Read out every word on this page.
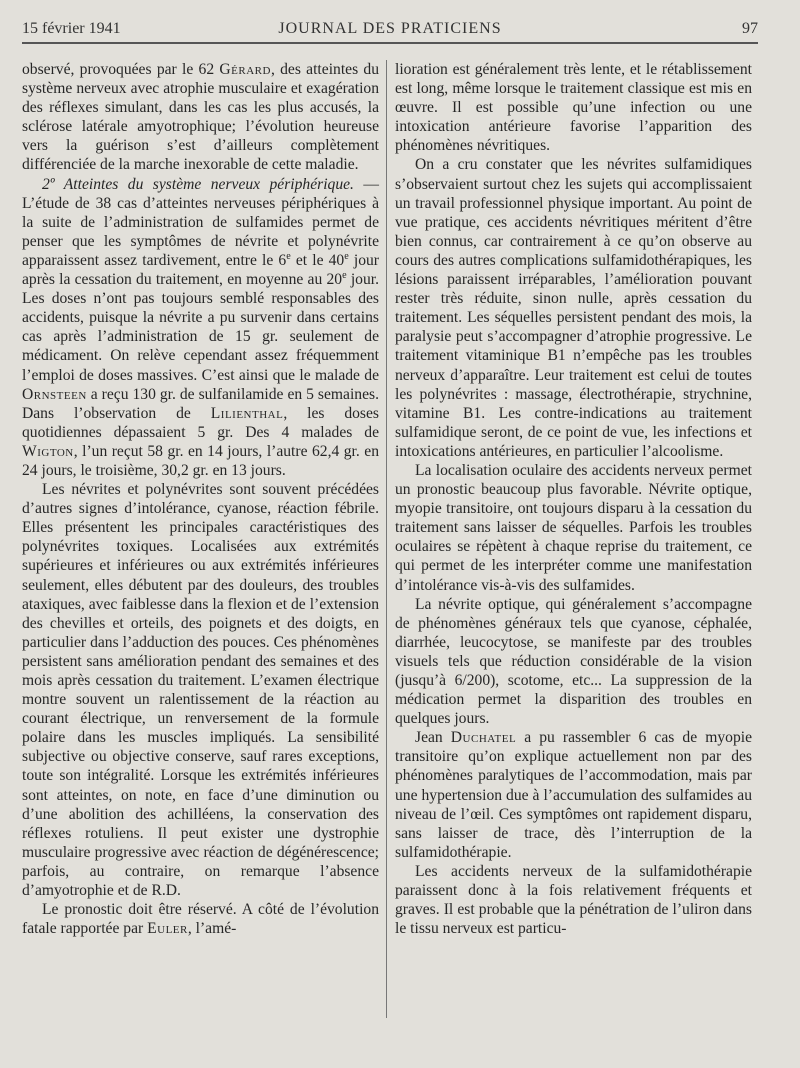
15 février 1941	JOURNAL DES PRATICIENS	97

observé, provoquées par le 62 Gérard, des atteintes du système nerveux avec atrophie musculaire et exagération des réflexes simulant, dans les cas les plus accusés, la sclérose latérale amyotrophique; l’évolution heureuse vers la guérison s’est d’ailleurs complètement différenciée de la marche inexorable de cette maladie.

2º Atteintes du système nerveux périphérique. — L’étude de 38 cas d’atteintes nerveuses périphériques à la suite de l’administration de sulfamides permet de penser que les symptômes de névrite et polynévrite apparaissent assez tardivement, entre le 6e et le 40e jour après la cessation du traitement, en moyenne au 20e jour. Les doses n’ont pas toujours semblé responsables des accidents, puisque la névrite a pu survenir dans certains cas après l’administration de 15 gr. seulement de médicament. On relève cependant assez fréquemment l’emploi de doses massives. C’est ainsi que le malade de Ornsteen a reçu 130 gr. de sulfanilamide en 5 semaines. Dans l’observation de Lilienthal, les doses quotidiennes dépassaient 5 gr. Des 4 malades de Wigton, l’un reçut 58 gr. en 14 jours, l’autre 62,4 gr. en 24 jours, le troisième, 30,2 gr. en 13 jours.

Les névrites et polynévrites sont souvent précédées d’autres signes d’intolérance, cyanose, réaction fébrile. Elles présentent les principales caractéristiques des polynévrites toxiques. Localisées aux extrémités supérieures et inférieures ou aux extrémités inférieures seulement, elles débutent par des douleurs, des troubles ataxiques, avec faiblesse dans la flexion et de l’extension des chevilles et orteils, des poignets et des doigts, en particulier dans l’adduction des pouces. Ces phénomènes persistent sans amélioration pendant des semaines et des mois après cessation du traitement. L’examen électrique montre souvent un ralentissement de la réaction au courant électrique, un renversement de la formule polaire dans les muscles impliqués. La sensibilité subjective ou objective conserve, sauf rares exceptions, toute son intégralité. Lorsque les extrémités inférieures sont atteintes, on note, en face d’une diminution ou d’une abolition des achilléens, la conservation des réflexes rotuliens. Il peut exister une dystrophie musculaire progressive avec réaction de dégénérescence; parfois, au contraire, on remarque l’absence d’amyotrophie et de R.D.

Le pronostic doit être réservé. A côté de l’évolution fatale rapportée par Euler, l’amé-

lioration est généralement très lente, et le rétablissement est long, même lorsque le traitement classique est mis en œuvre. Il est possible qu’une infection ou une intoxication antérieure favorise l’apparition des phénomènes névritiques.

On a cru constater que les névrites sulfamidiques s’observaient surtout chez les sujets qui accomplissaient un travail professionnel physique important. Au point de vue pratique, ces accidents névritiques méritent d’être bien connus, car contrairement à ce qu’on observe au cours des autres complications sulfamidothérapiques, les lésions paraissent irréparables, l’amélioration pouvant rester très réduite, sinon nulle, après cessation du traitement. Les séquelles persistent pendant des mois, la paralysie peut s’accompagner d’atrophie progressive. Le traitement vitaminique B1 n’empêche pas les troubles nerveux d’apparaître. Leur traitement est celui de toutes les polynévrites : massage, électrothérapie, strychnine, vitamine B1. Les contre-indications au traitement sulfamidique seront, de ce point de vue, les infections et intoxications antérieures, en particulier l’alcoolisme.

La localisation oculaire des accidents nerveux permet un pronostic beaucoup plus favorable. Névrite optique, myopie transitoire, ont toujours disparu à la cessation du traitement sans laisser de séquelles. Parfois les troubles oculaires se répètent à chaque reprise du traitement, ce qui permet de les interpréter comme une manifestation d’intolérance vis-à-vis des sulfamides.

La névrite optique, qui généralement s’accompagne de phénomènes généraux tels que cyanose, céphalée, diarrhée, leucocytose, se manifeste par des troubles visuels tels que réduction considérable de la vision (jusqu’à 6/200), scotome, etc... La suppression de la médication permet la disparition des troubles en quelques jours.

Jean Duchatel a pu rassembler 6 cas de myopie transitoire qu’on explique actuellement non par des phénomènes paralytiques de l’accommodation, mais par une hypertension due à l’accumulation des sulfamides au niveau de l’œil. Ces symptômes ont rapidement disparu, sans laisser de trace, dès l’interruption de la sulfamidothérapie.

Les accidents nerveux de la sulfamidothérapie paraissent donc à la fois relativement fréquents et graves. Il est probable que la pénétration de l’uliron dans le tissu nerveux est particu-
